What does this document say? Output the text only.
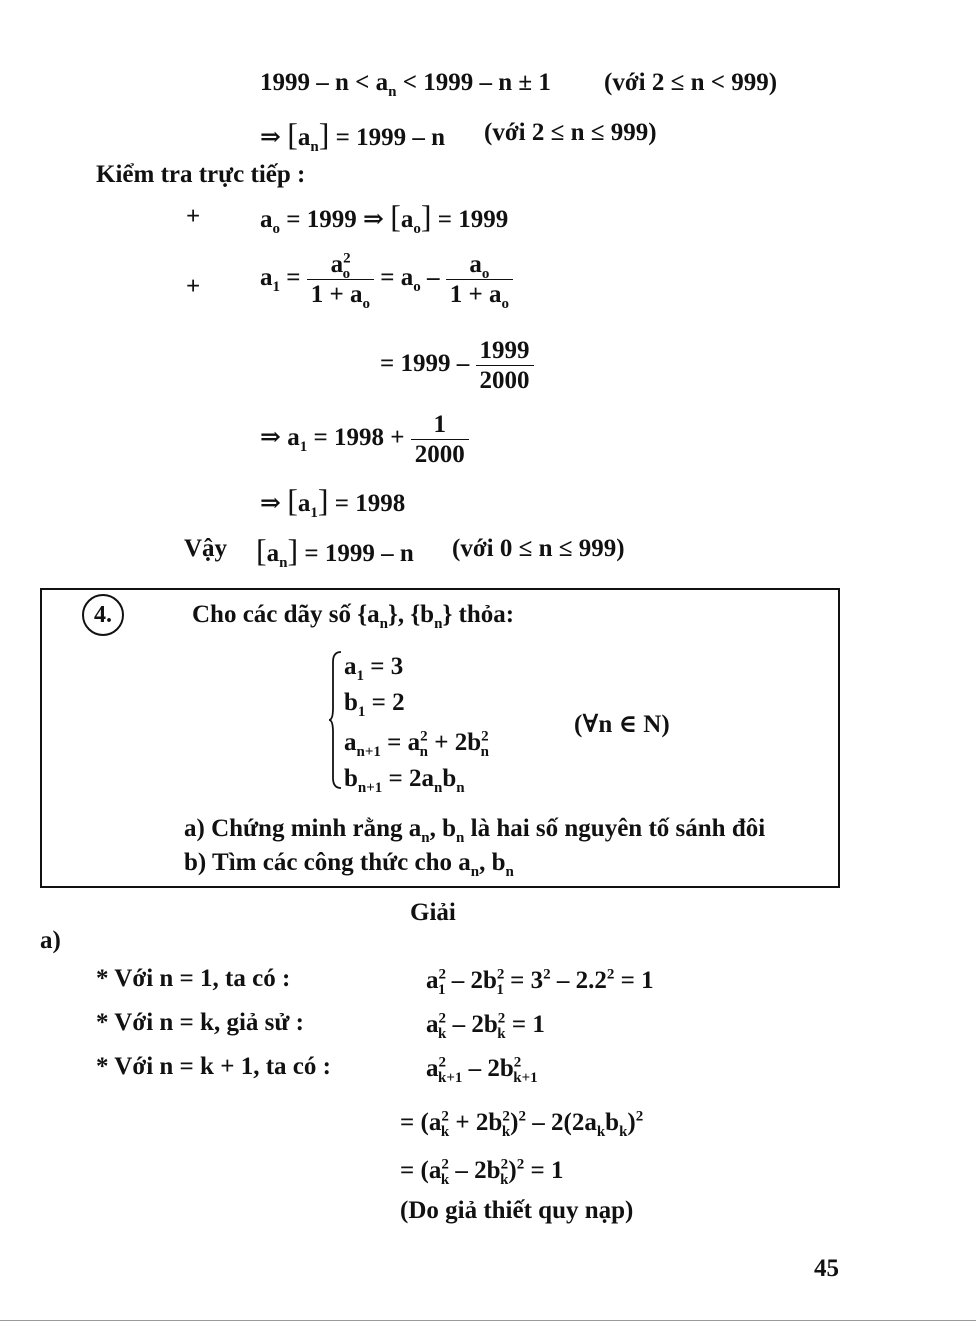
$1999 - n < a_n < 1999 - n \pm 1$ (với 2 ≤ n < 999)
⇒ $[a_n] = 1999 - n$ (với 2 ≤ n ≤ 999)
Kiểm tra trực tiếp :
+ $a_o = 1999$ ⇒ $[a_o] = 1999$
+ $a_1 = \frac{a^2_o}{1 + a_o} = a_o - \frac{a_o}{1 + a_o}$
= $1999 - \frac{1999}{2000}$
⇒ $a_1 = 1998 + \frac{1}{2000}$
⇒ $[a_1] = 1998$
Vậy $[a_n] = 1999 - n$ (với 0 ≤ n ≤ 999)
4.	Cho các dãy số $\{a_n\}$, $\{b_n\}$ thỏa:
$a_1 = 3$
$b_1 = 2$
$a_{n+1} = a^2_n + 2b^2_n$
$b_{n+1} = 2a_nb_n$
(∀n ∈ N)
a) Chứng minh rằng $a_n$, $b_n$ là hai số nguyên tố sánh đôi
b) Tìm các công thức cho $a_n$, $b_n$
Giải
a)
* Với n = 1, ta có :	$a^2_1 - 2b^2_1 = 3^2 - 2.2^2 = 1$
* Với n = k, giả sử :	$a^2_k - 2b^2_k = 1$
* Với n = k + 1, ta có :	$a^2_{k+1} - 2b^2_{k+1}$
= $(a^2_k + 2b^2_k)^2 - 2(2a_kb_k)^2$
= $(a^2_k - 2b^2_k)^2 = 1$
(Do giả thiết quy nạp)
45
